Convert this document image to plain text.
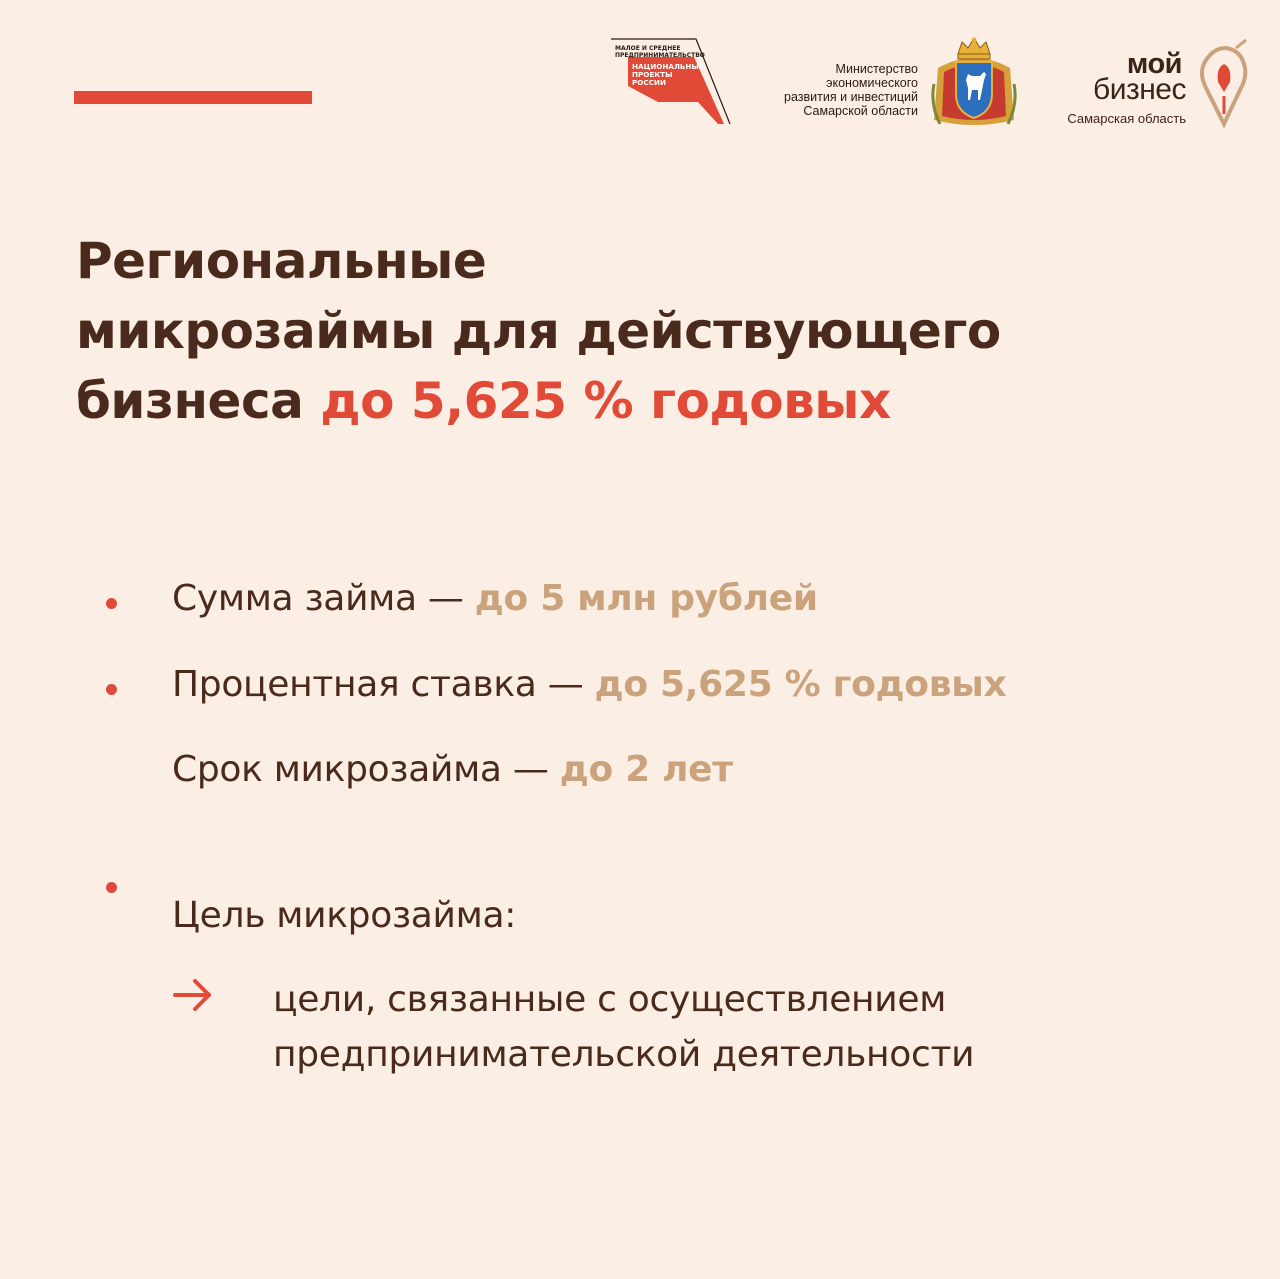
МАЛОЕ И СРЕДНЕЕ
ПРЕДПРИНИМАТЕЛЬСТВО
НАЦИОНАЛЬНЫЕ
ПРОЕКТЫ
РОССИИ
Министерство
экономического
развития и инвестиций
Самарской области
мой
бизнес
Самарская область
Региональные
микрозаймы для действующего
бизнеса до 5,625 % годовых
Сумма займа — до 5 млн рублей
Процентная ставка — до 5,625 % годовых
Срок микрозайма — до 2 лет
Цель микрозайма:
цели, связанные с осуществлением
предпринимательской деятельности
